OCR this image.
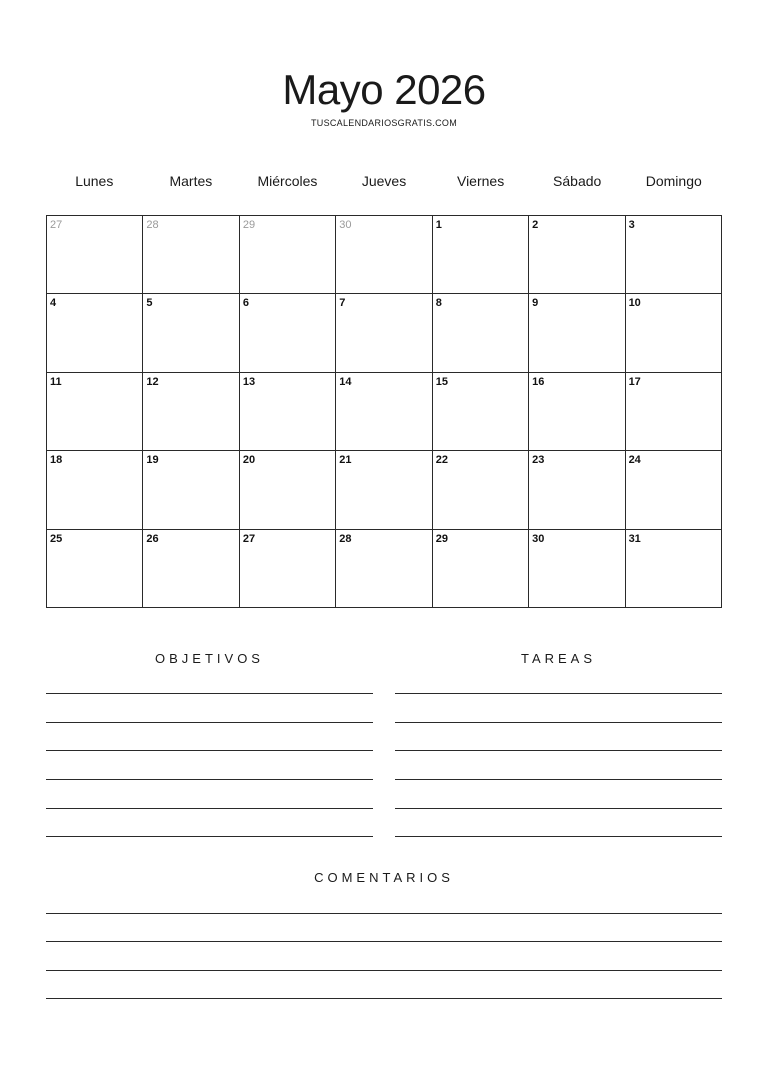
Mayo 2026
TUSCALENDARIOSGRATIS.COM
Lunes	Martes	Miércoles	Jueves	Viernes	Sábado	Domingo
27	28	29	30	1	2	3
4	5	6	7	8	9	10
11	12	13	14	15	16	17
18	19	20	21	22	23	24
25	26	27	28	29	30	31
OBJETIVOS	TAREAS
COMENTARIOS
